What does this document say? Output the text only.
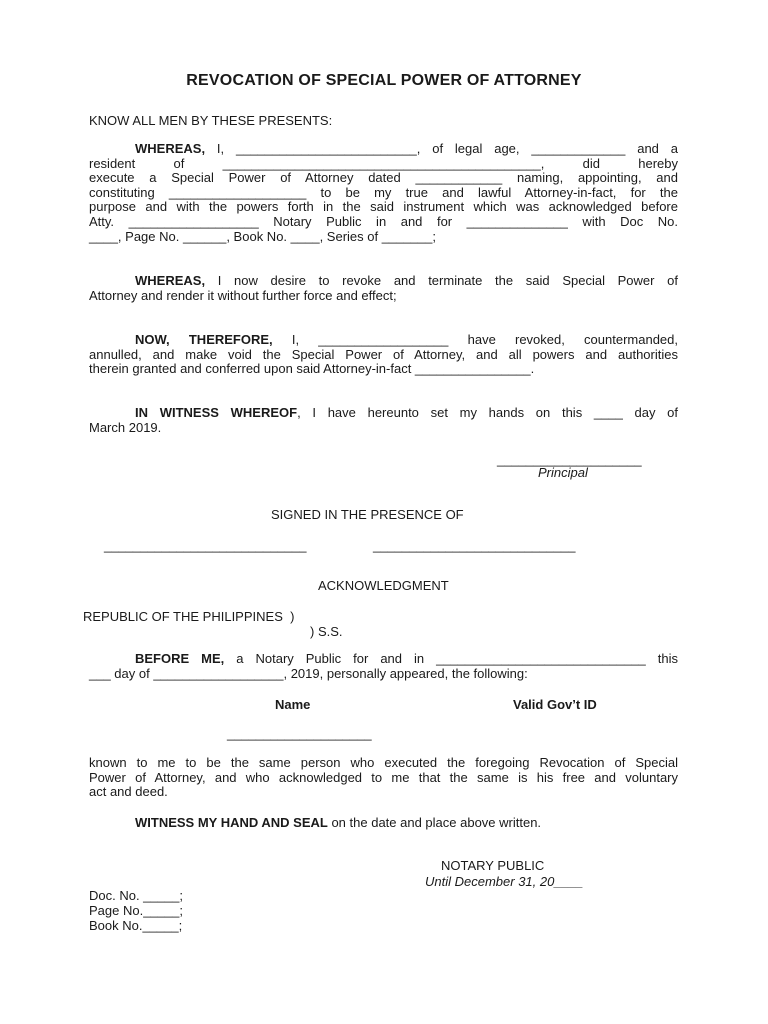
REVOCATION OF SPECIAL POWER OF ATTORNEY
KNOW ALL MEN BY THESE PRESENTS:
WHEREAS, I, _________________________, of legal age, _____________ and a
resident of ____________________________________________, did hereby
execute a Special Power of Attorney dated ____________ naming, appointing, and
constituting ___________________ to be my true and lawful Attorney-in-fact, for the
purpose and with the powers forth in the said instrument which was acknowledged before
Atty. __________________ Notary Public in and for ______________ with Doc No.
____, Page No. ______, Book No. ____, Series of _______;
WHEREAS, I now desire to revoke and terminate the said Special Power of
Attorney and render it without further force and effect;
NOW, THEREFORE, I, __________________ have revoked, countermanded,
annulled, and make void the Special Power of Attorney, and all powers and authorities
therein granted and conferred upon said Attorney-in-fact ________________.
IN WITNESS WHEREOF, I have hereunto set my hands on this ____ day of
March 2019.
____________________
Principal
SIGNED IN THE PRESENCE OF
____________________________	____________________________
ACKNOWLEDGMENT
REPUBLIC OF THE PHILIPPINES  )
) S.S.
BEFORE ME, a Notary Public for and in _____________________________ this
___ day of __________________, 2019, personally appeared, the following:
Name	Valid Gov’t ID
____________________
known to me to be the same person who executed the foregoing Revocation of Special
Power of Attorney, and who acknowledged to me that the same is his free and voluntary
act and deed.
WITNESS MY HAND AND SEAL on the date and place above written.
NOTARY PUBLIC
Until December 31, 20____
Doc. No. _____;
Page No._____;
Book No._____;
